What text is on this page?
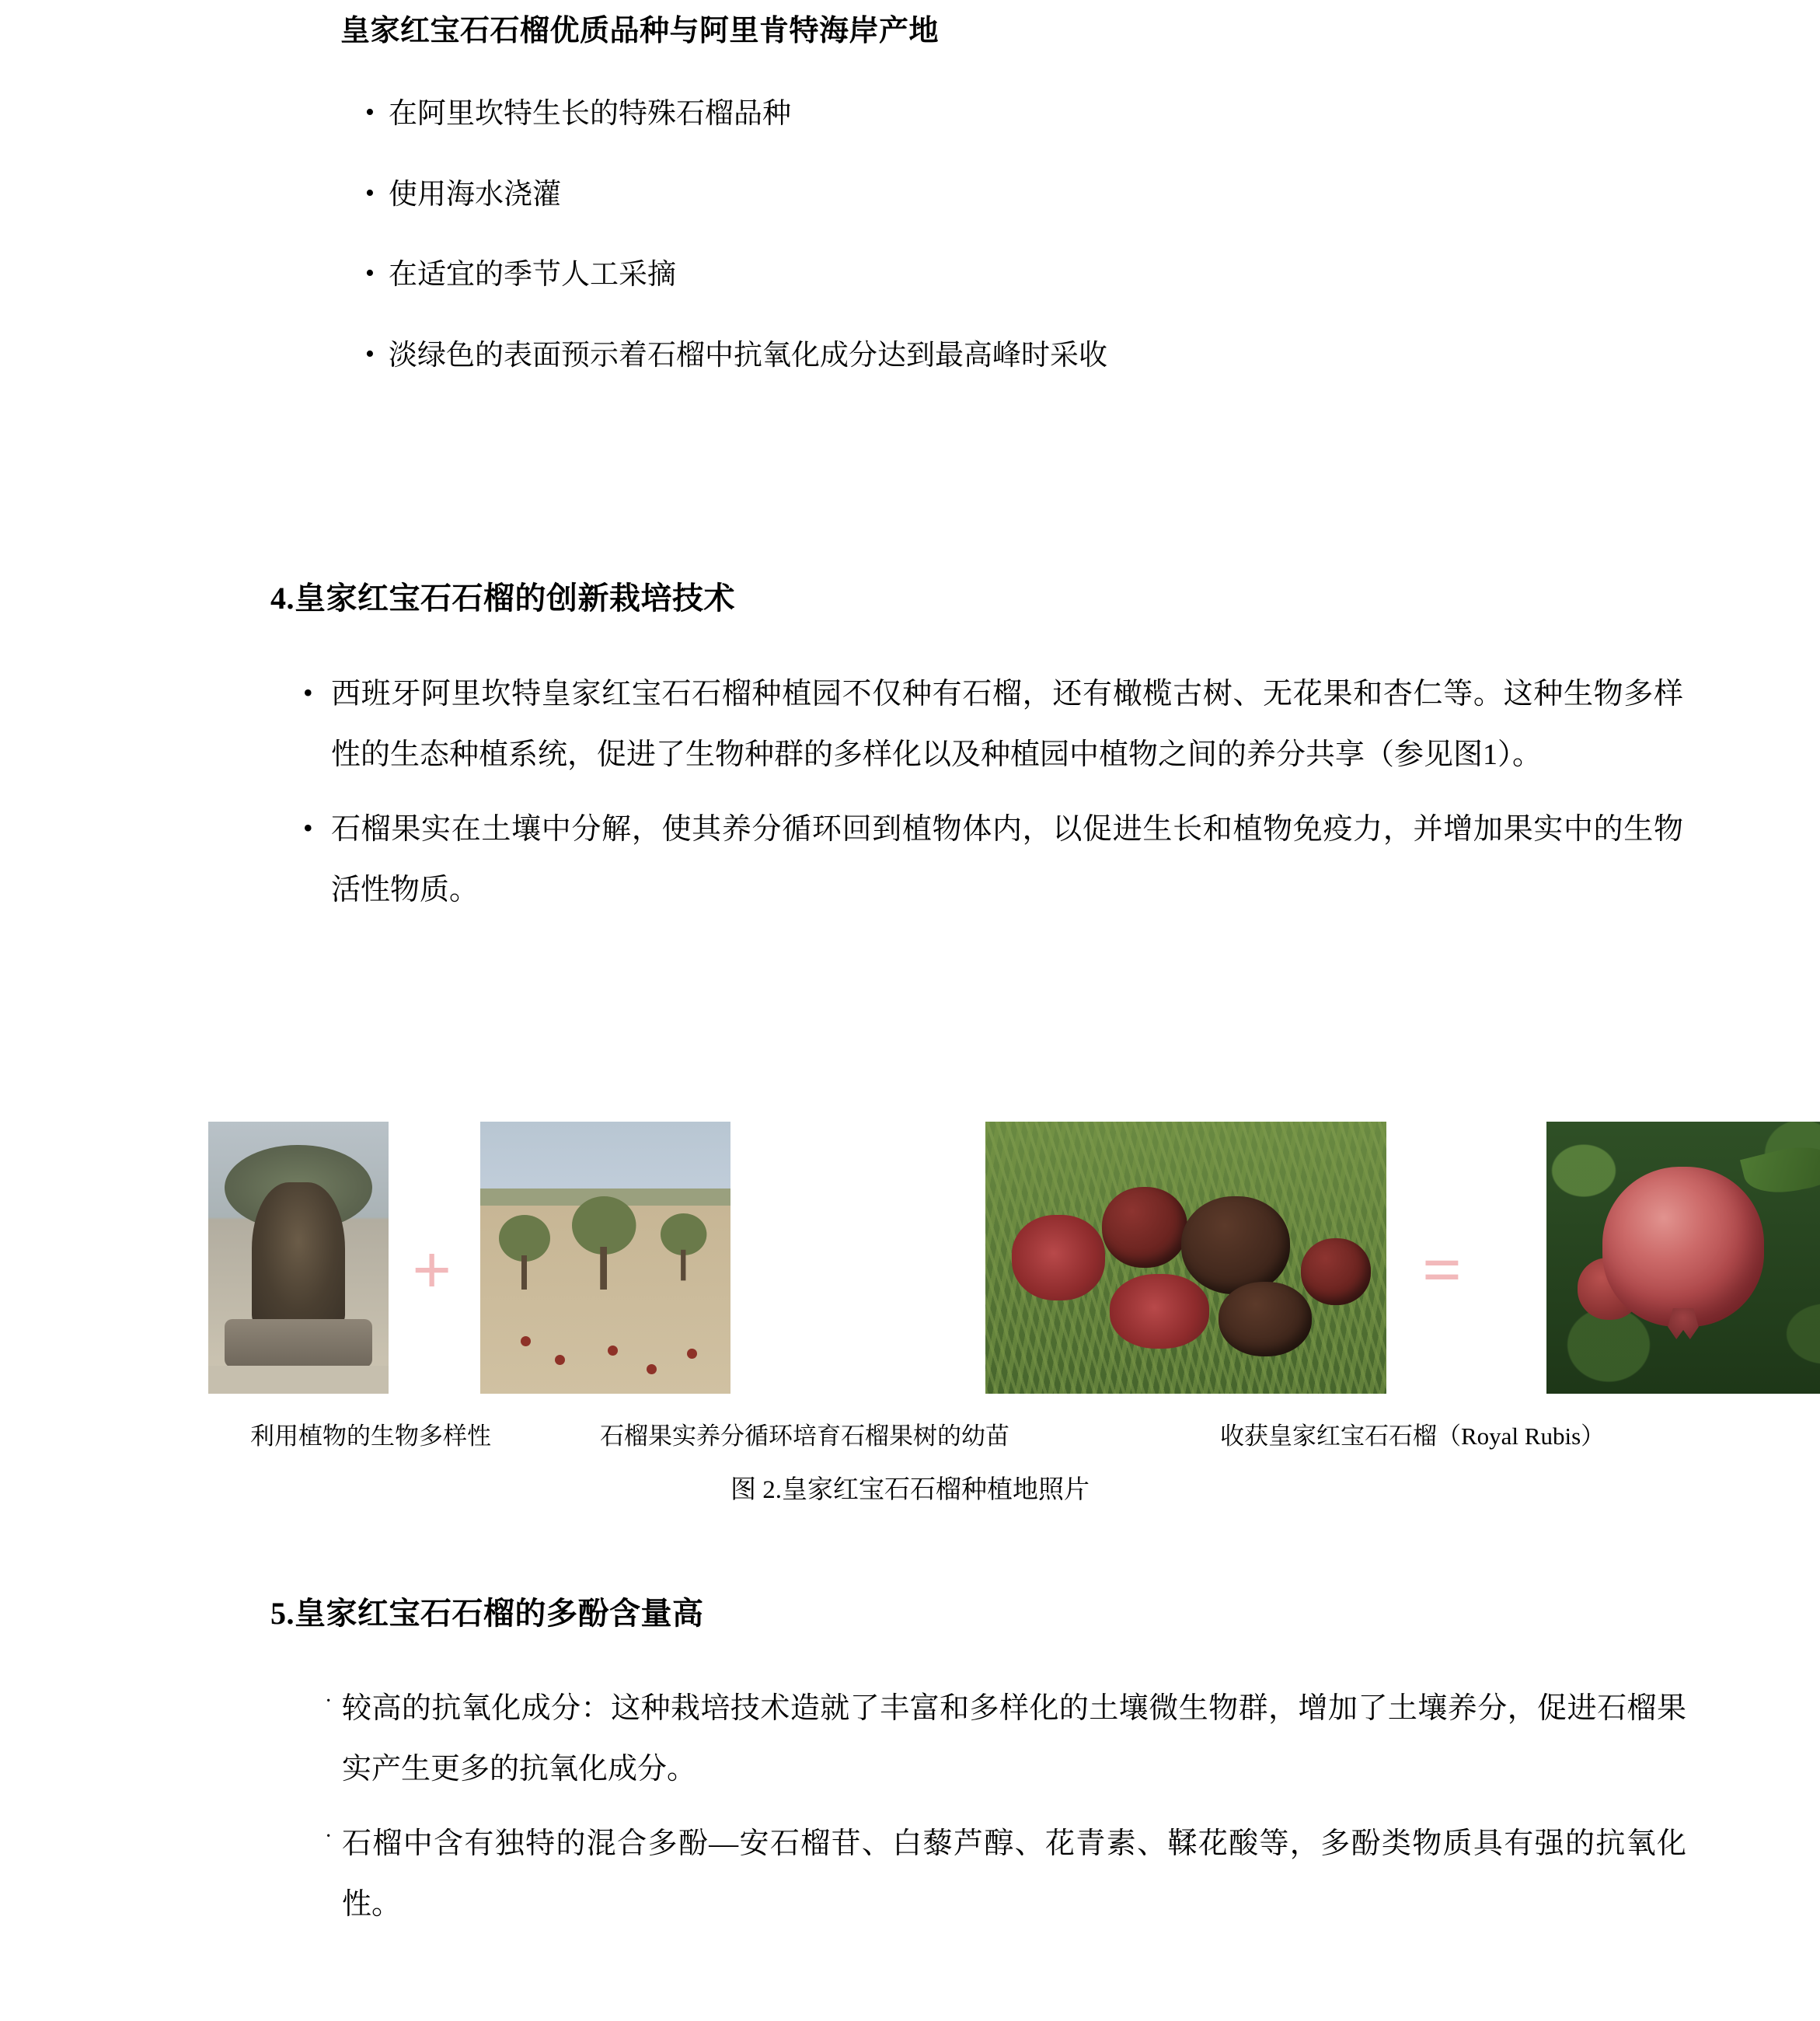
皇家红宝石石榴优质品种与阿里肯特海岸产地
• 在阿里坎特生长的特殊石榴品种
• 使用海水浇灌
• 在适宜的季节人工采摘
• 淡绿色的表面预示着石榴中抗氧化成分达到最高峰时采收
4.皇家红宝石石榴的创新栽培技术
• 西班牙阿里坎特皇家红宝石石榴种植园不仅种有石榴，还有橄榄古树、无花果和杏仁等。这种生物多样性的生态种植系统，促进了生物种群的多样化以及种植园中植物之间的养分共享（参见图1）。
• 石榴果实在土壤中分解，使其养分循环回到植物体内，以促进生长和植物免疫力，并增加果实中的生物活性物质。
+	=
利用植物的生物多样性	石榴果实养分循环培育石榴果树的幼苗	收获皇家红宝石石榴（Royal Rubis）
图 2.皇家红宝石石榴种植地照片
5.皇家红宝石石榴的多酚含量高
· 较高的抗氧化成分：这种栽培技术造就了丰富和多样化的土壤微生物群，增加了土壤养分，促进石榴果实产生更多的抗氧化成分。
· 石榴中含有独特的混合多酚—安石榴苷、白藜芦醇、花青素、鞣花酸等，多酚类物质具有强的抗氧化性。
